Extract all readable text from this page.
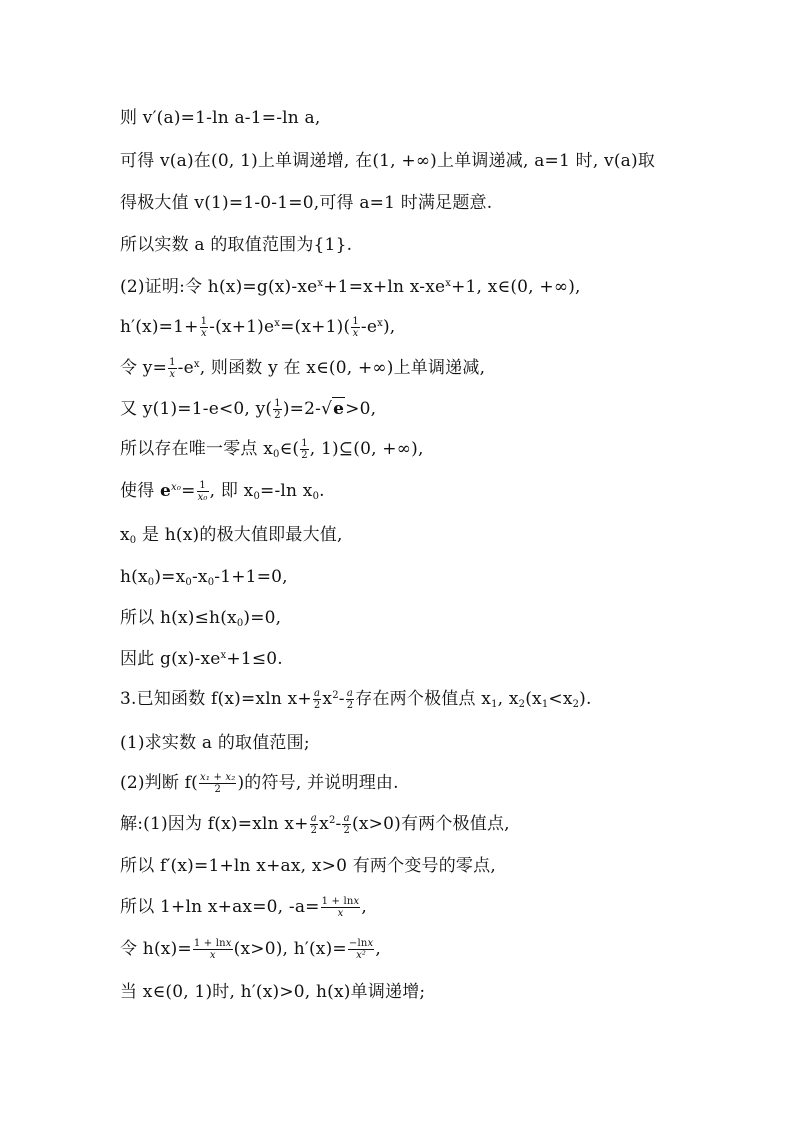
则 v′(a)=1-ln a-1=-ln a,
可得 v(a)在(0, 1)上单调递增, 在(1, +∞)上单调递减, a=1 时, v(a)取
得极大值 v(1)=1-0-1=0,可得 a=1 时满足题意.
所以实数 a 的取值范围为{1}.
(2)证明:令 $h(x)=g(x)-xe^x+1=x+\ln$ $x-xe^x+1$, x∈(0, +∞),
$h'(x)=1+ \frac{1}{x} -(x+1)e^x=(x+1)( \frac{1}{x} -e^x)$,
令 $y= \frac{1}{x} -e^x$, 则函数 y 在 x∈(0, +∞)上单调递减,
又 y(1)=1-e<0, $y( \frac{1}{2} )=2-√e>0$,
所以存在唯一零点 $x_0\in( \frac{1}{2}$ , 1)⊆(0, +∞),
使得 $e^{x_0}= \frac{1}{\text{x₀}}$ , 即 $x_0=-\ln$ $x_0$.
$x_0$ 是 h(x)的极大值即最大值,
$h(x_0)=x_0-x_0-1+1=0$,
所以 $h(x)\le h(x_0)=0$,
因此 $g(x)-xe^x+1\le 0$.
3.已知函数 f(x)=xln $x+ \frac{a}{2} x^2- \frac{a}{2}$ 存在两个极值点 $x_1$, $x_2(x_1<x_2)$.
(1)求实数 a 的取值范围;
(2)判断 $f( \frac{\text{x₁ + x₂}}{2}$ )的符号, 并说明理由.
解:(1)因为 f(x)=xln $x+ \frac{a}{2} x^2- \frac{a}{2} (x>0)$有两个极值点,
所以 f′(x)=1+ln x+ax, x>0 有两个变号的零点,
所以 1+ln x+ax=0, $-a= \frac{1 + \ln x}{x}$ ,
令 $h(x)= \frac{1 + \ln x}{x} (x>0)$, $h'(x)= \frac{-\ln x}{\text{x²}}$ ,
当 x∈(0, 1)时, h′(x)>0, h(x)单调递增;
